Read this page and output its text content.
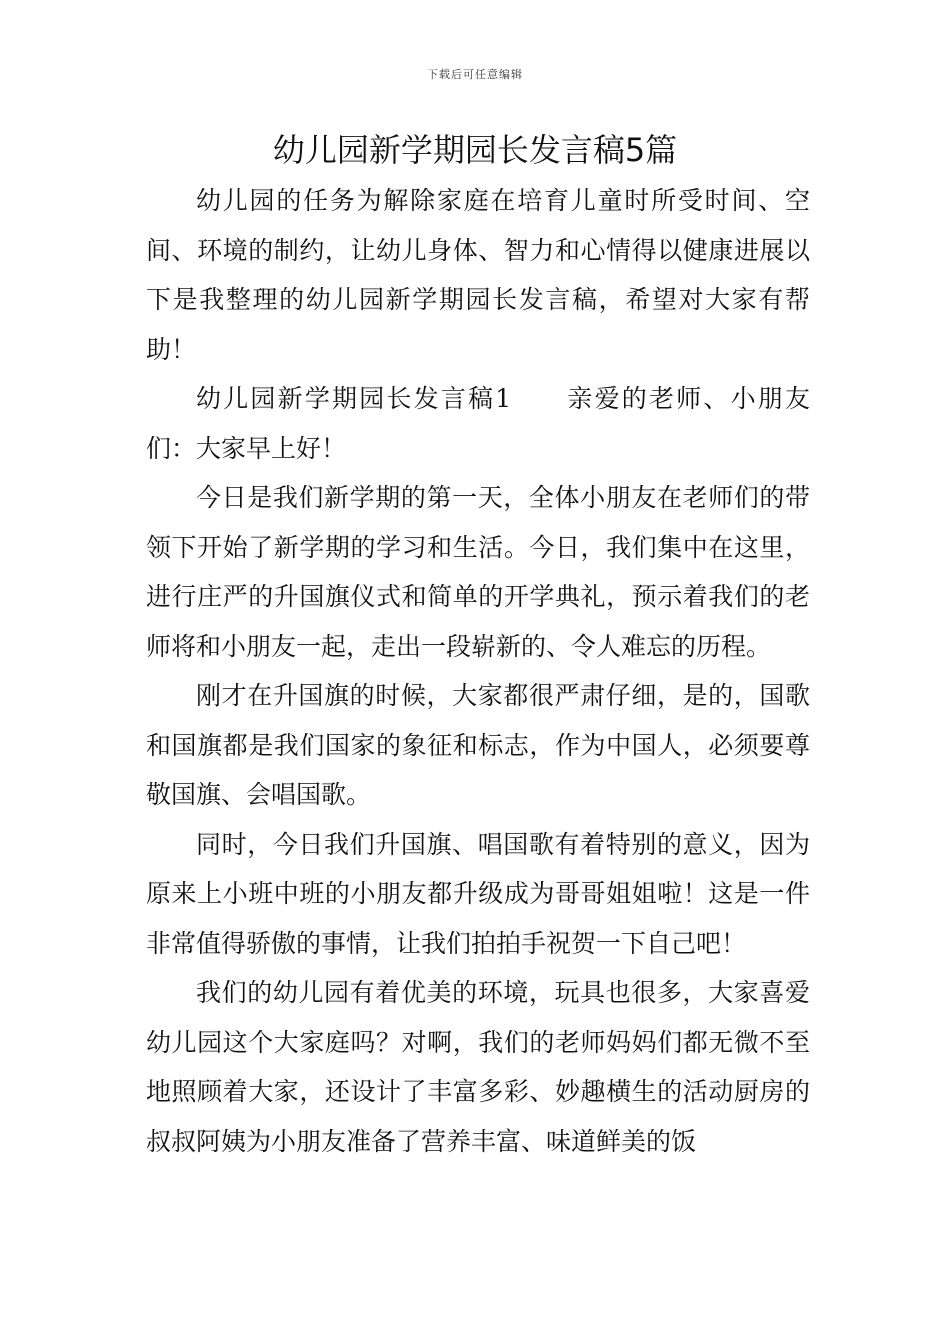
下载后可任意编辑
幼儿园新学期园长发言稿5篇

幼儿园的任务为解除家庭在培育儿童时所受时间、空间、环境的制约，让幼儿身体、智力和心情得以健康进展以下是我整理的幼儿园新学期园长发言稿，希望对大家有帮助！

幼儿园新学期园长发言稿1 亲爱的老师、小朋友们：大家早上好！

今日是我们新学期的第一天，全体小朋友在老师们的带领下开始了新学期的学习和生活。今日，我们集中在这里，进行庄严的升国旗仪式和简单的开学典礼，预示着我们的老师将和小朋友一起，走出一段崭新的、令人难忘的历程。

刚才在升国旗的时候，大家都很严肃仔细，是的，国歌和国旗都是我们国家的象征和标志，作为中国人，必须要尊敬国旗、会唱国歌。

同时，今日我们升国旗、唱国歌有着特别的意义，因为原来上小班中班的小朋友都升级成为哥哥姐姐啦！这是一件非常值得骄傲的事情，让我们拍拍手祝贺一下自己吧！

我们的幼儿园有着优美的环境，玩具也很多，大家喜爱幼儿园这个大家庭吗？对啊，我们的老师妈妈们都无微不至地照顾着大家，还设计了丰富多彩、妙趣横生的活动厨房的叔叔阿姨为小朋友准备了营养丰富、味道鲜美的饭
